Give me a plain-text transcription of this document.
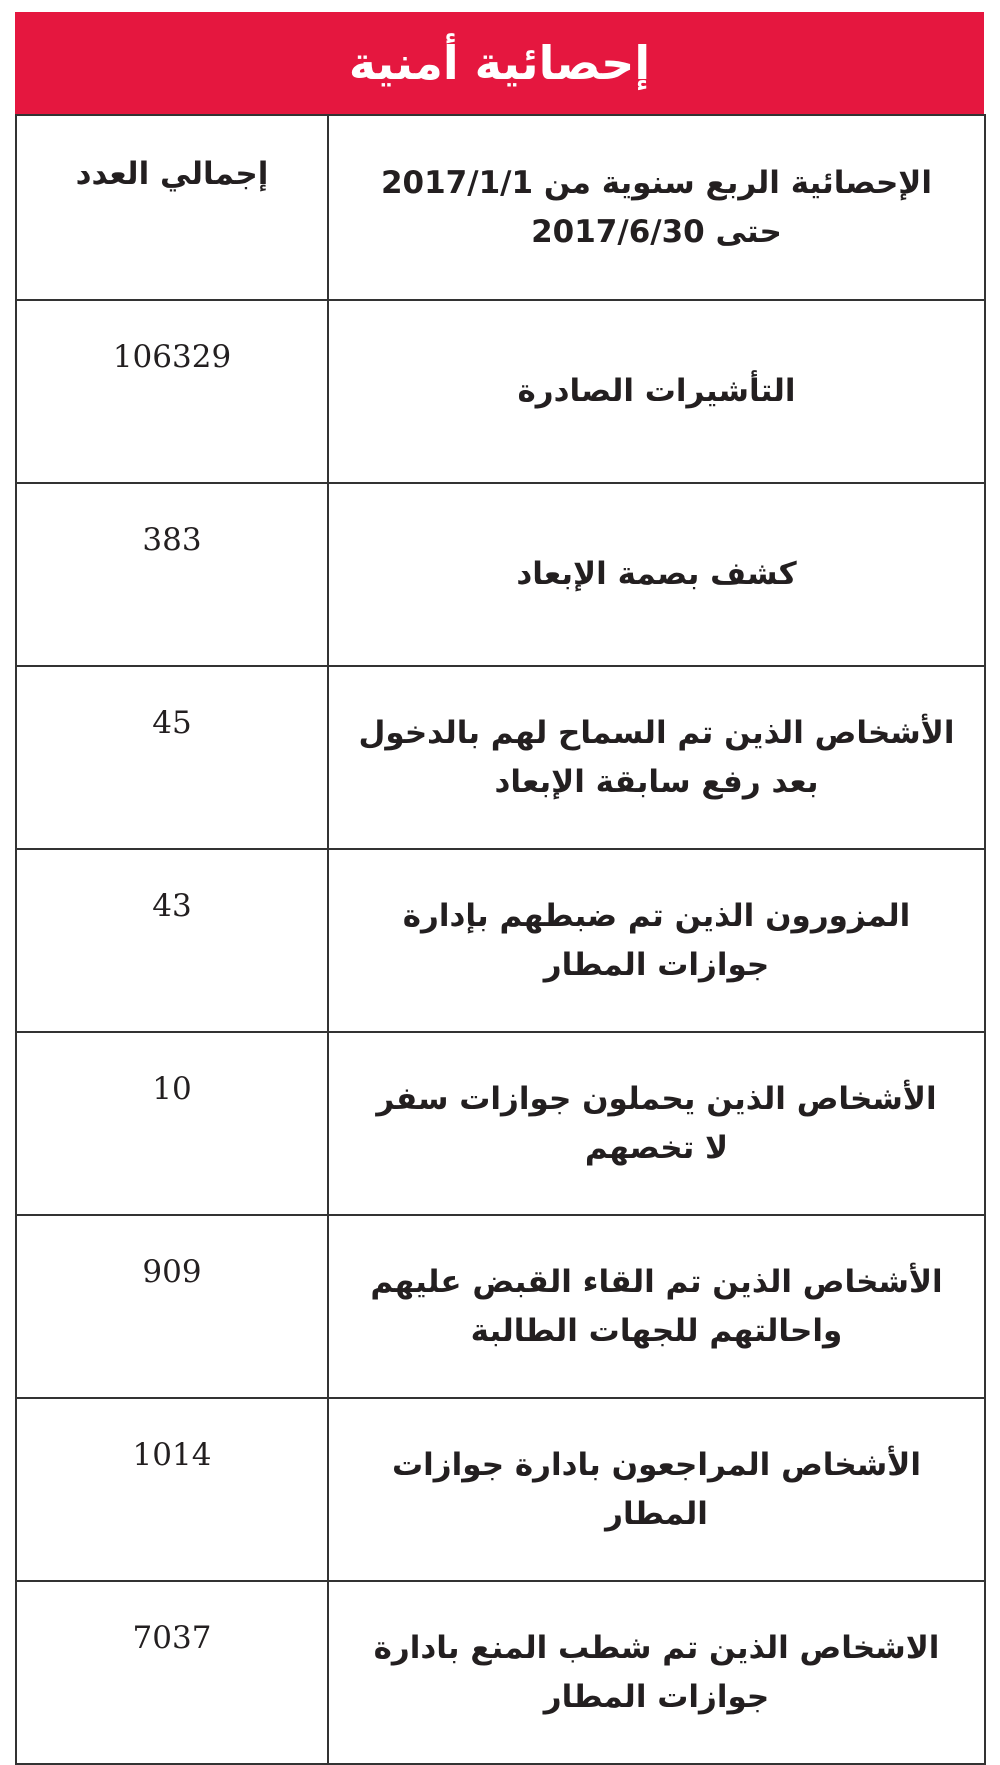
إحصائية أمنية
إجمالي العدد	الإحصائية الربع سنوية من 2017/1/1
حتى 2017/6/30
106329	التأشيرات الصادرة
383	كشف بصمة الإبعاد
45	الأشخاص الذين تم السماح لهم بالدخول
بعد رفع سابقة الإبعاد
43	المزورون الذين تم ضبطهم بإدارة
جوازات المطار
10	الأشخاص الذين يحملون جوازات سفر
لا تخصهم
909	الأشخاص الذين تم القاء القبض عليهم
واحالتهم للجهات الطالبة
1014	الأشخاص المراجعون بادارة جوازات المطار
7037	الاشخاص الذين تم شطب المنع بادارة
جوازات المطار
